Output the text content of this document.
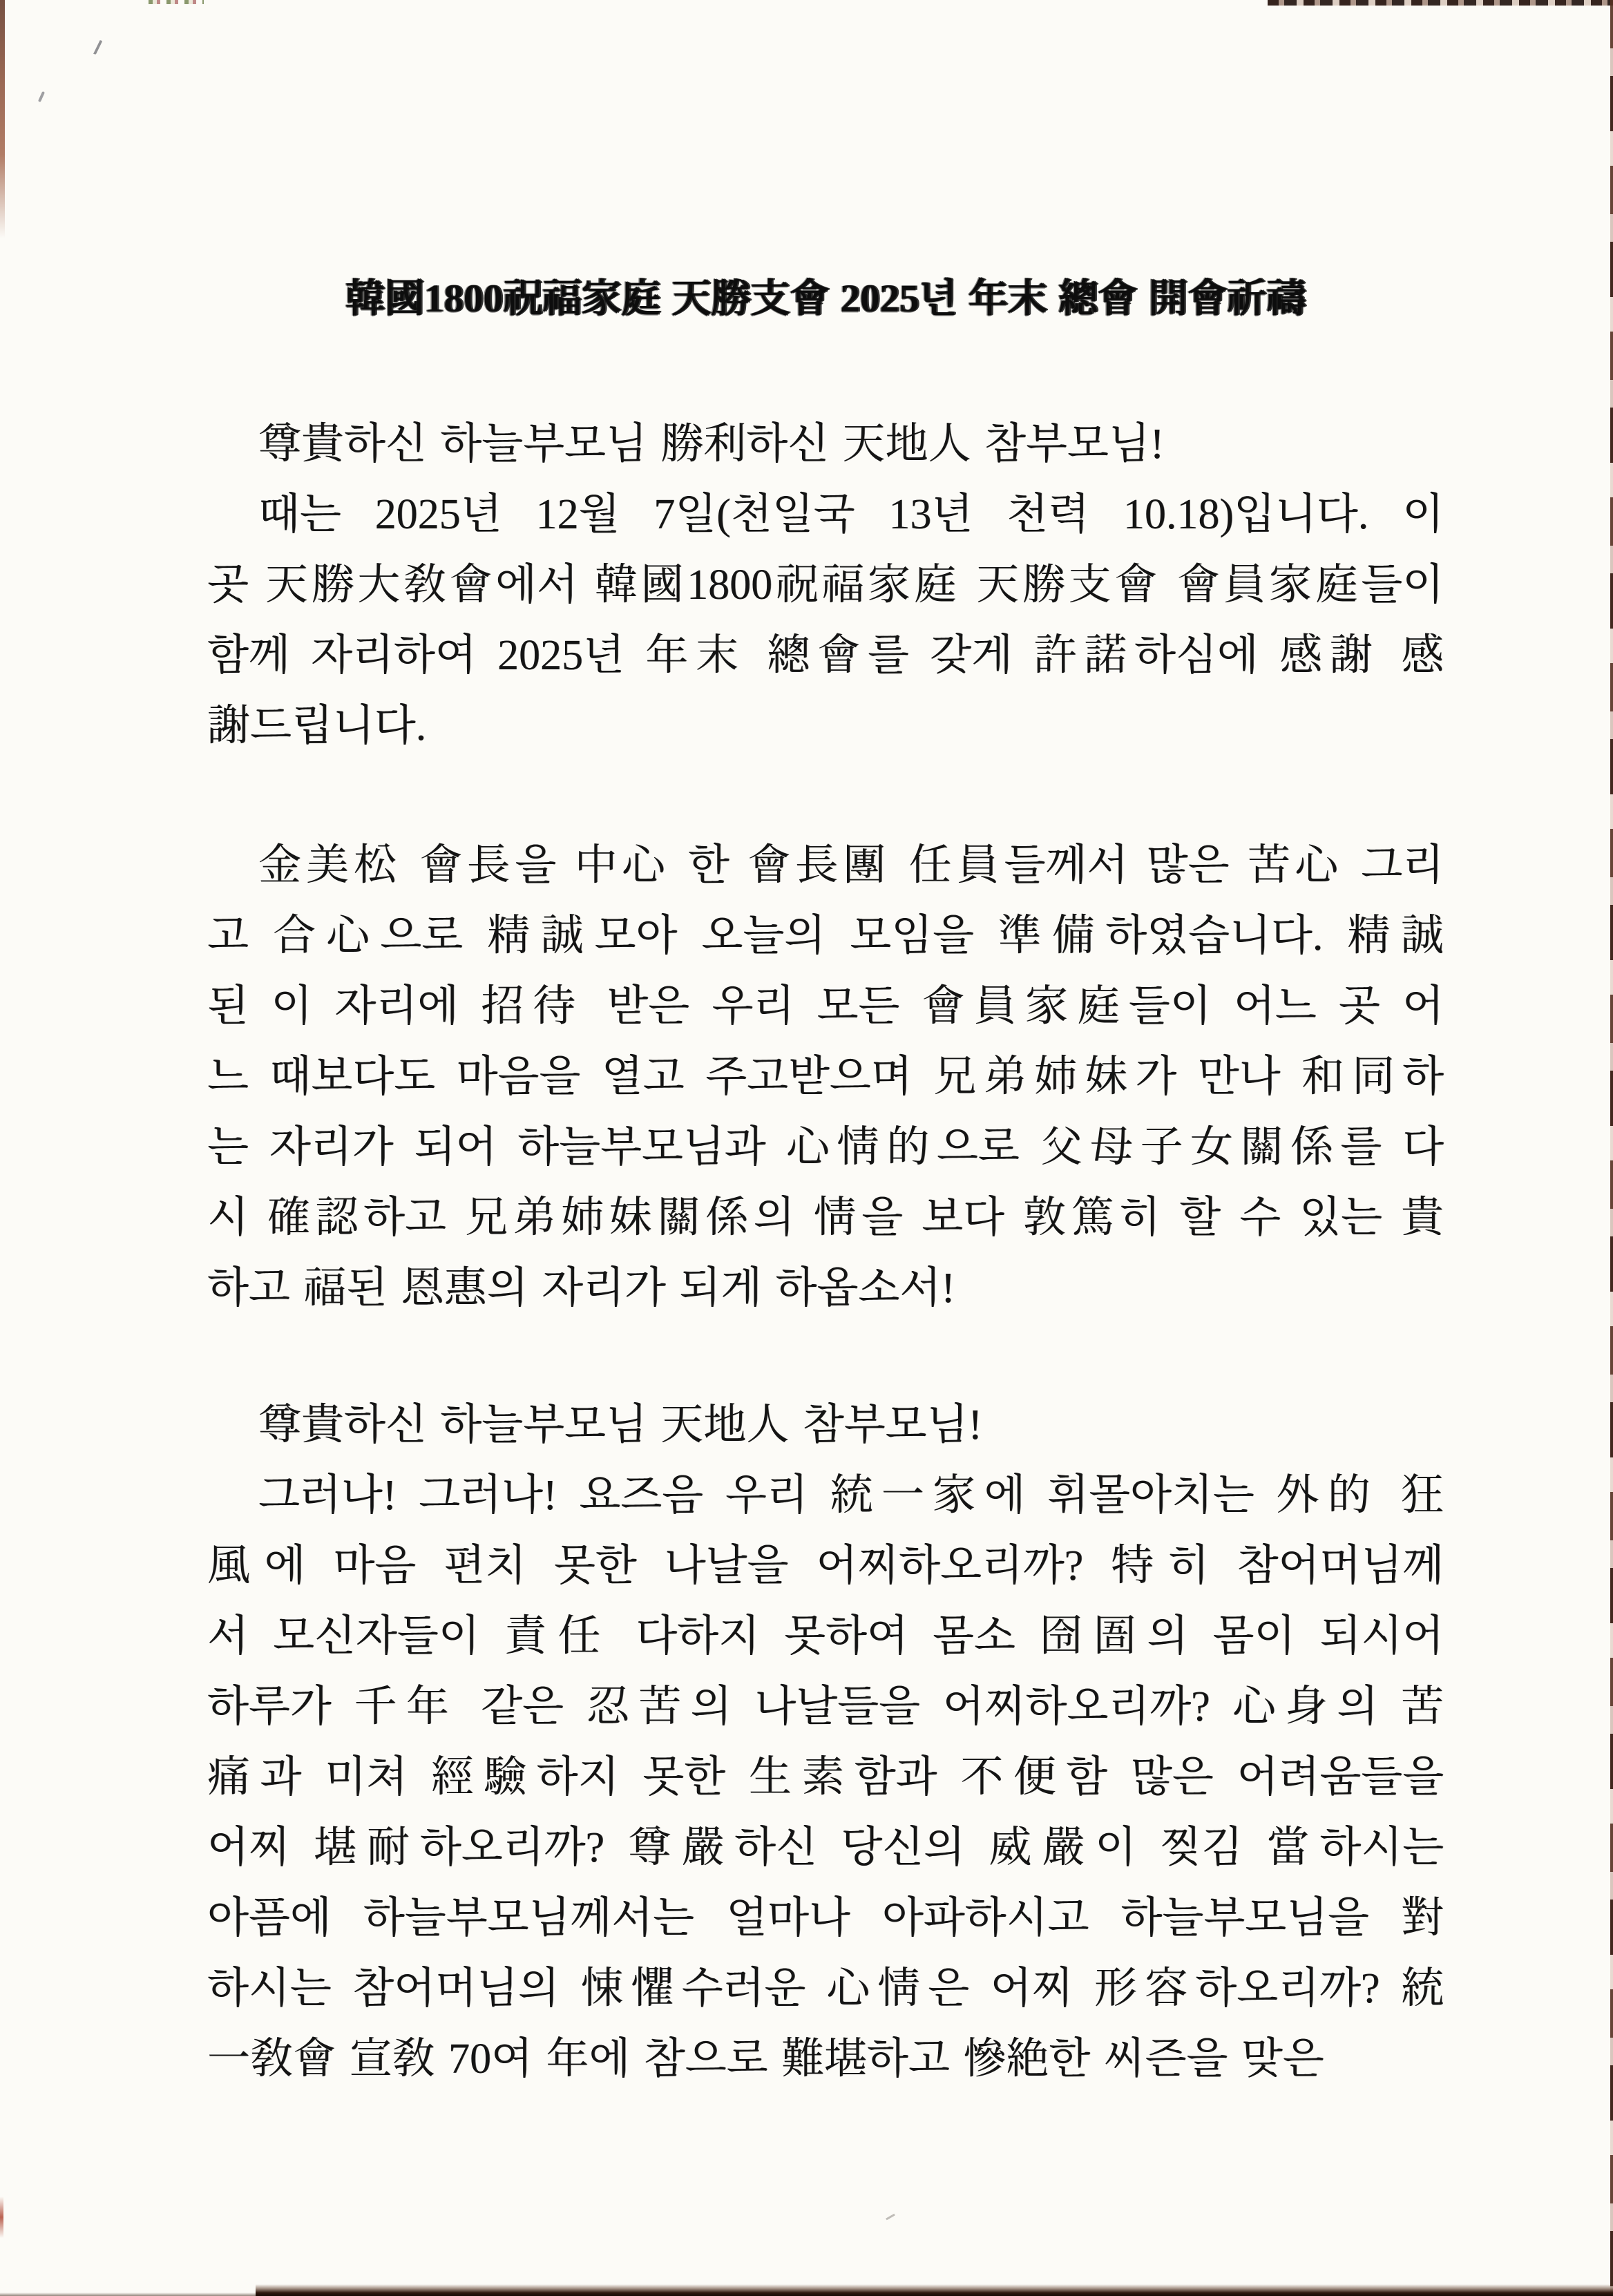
韓國1800祝福家庭 天勝支會 2025년 年末 總會 開會祈禱
尊貴하신 하늘부모님 勝利하신 天地人 참부모님!
때는 2025년 12월 7일(천일국 13년 천력 10.18)입니다. 이
곳 天勝大敎會에서 韓國1800祝福家庭 天勝支會 會員家庭들이
함께 자리하여 2025년 年末 總會를 갖게 許諾하심에 感謝 感
謝드립니다.
金美松 會長을 中心 한 會長團 任員들께서 많은 苦心 그리
고 合心으로 精誠모아 오늘의 모임을 準備하였습니다. 精誠
된 이 자리에 招待 받은 우리 모든 會員家庭들이 어느 곳 어
느 때보다도 마음을 열고 주고받으며 兄弟姉妹가 만나 和同하
는 자리가 되어 하늘부모님과 心情的으로 父母子女關係를 다
시 確認하고 兄弟姉妹關係의 情을 보다 敦篤히 할 수 있는 貴
하고 福된 恩惠의 자리가 되게 하옵소서!
尊貴하신 하늘부모님 天地人 참부모님!
그러나! 그러나! 요즈음 우리 統一家에 휘몰아치는 外的 狂
風에 마음 편치 못한 나날을 어찌하오리까? 特히 참어머님께
서 모신자들이 責任 다하지 못하여 몸소 囹圄의 몸이 되시어
하루가 千年 같은 忍苦의 나날들을 어찌하오리까? 心身의 苦
痛과 미쳐 經驗하지 못한 生素함과 不便함 많은 어려움들을
어찌 堪耐하오리까? 尊嚴하신 당신의 威嚴이 찢김 當하시는
아픔에 하늘부모님께서는 얼마나 아파하시고 하늘부모님을 對
하시는 참어머님의 悚懼수러운 心情은 어찌 形容하오리까? 統
一敎會 宣敎 70여 年에 참으로 難堪하고 慘絶한 씨즌을 맞은
